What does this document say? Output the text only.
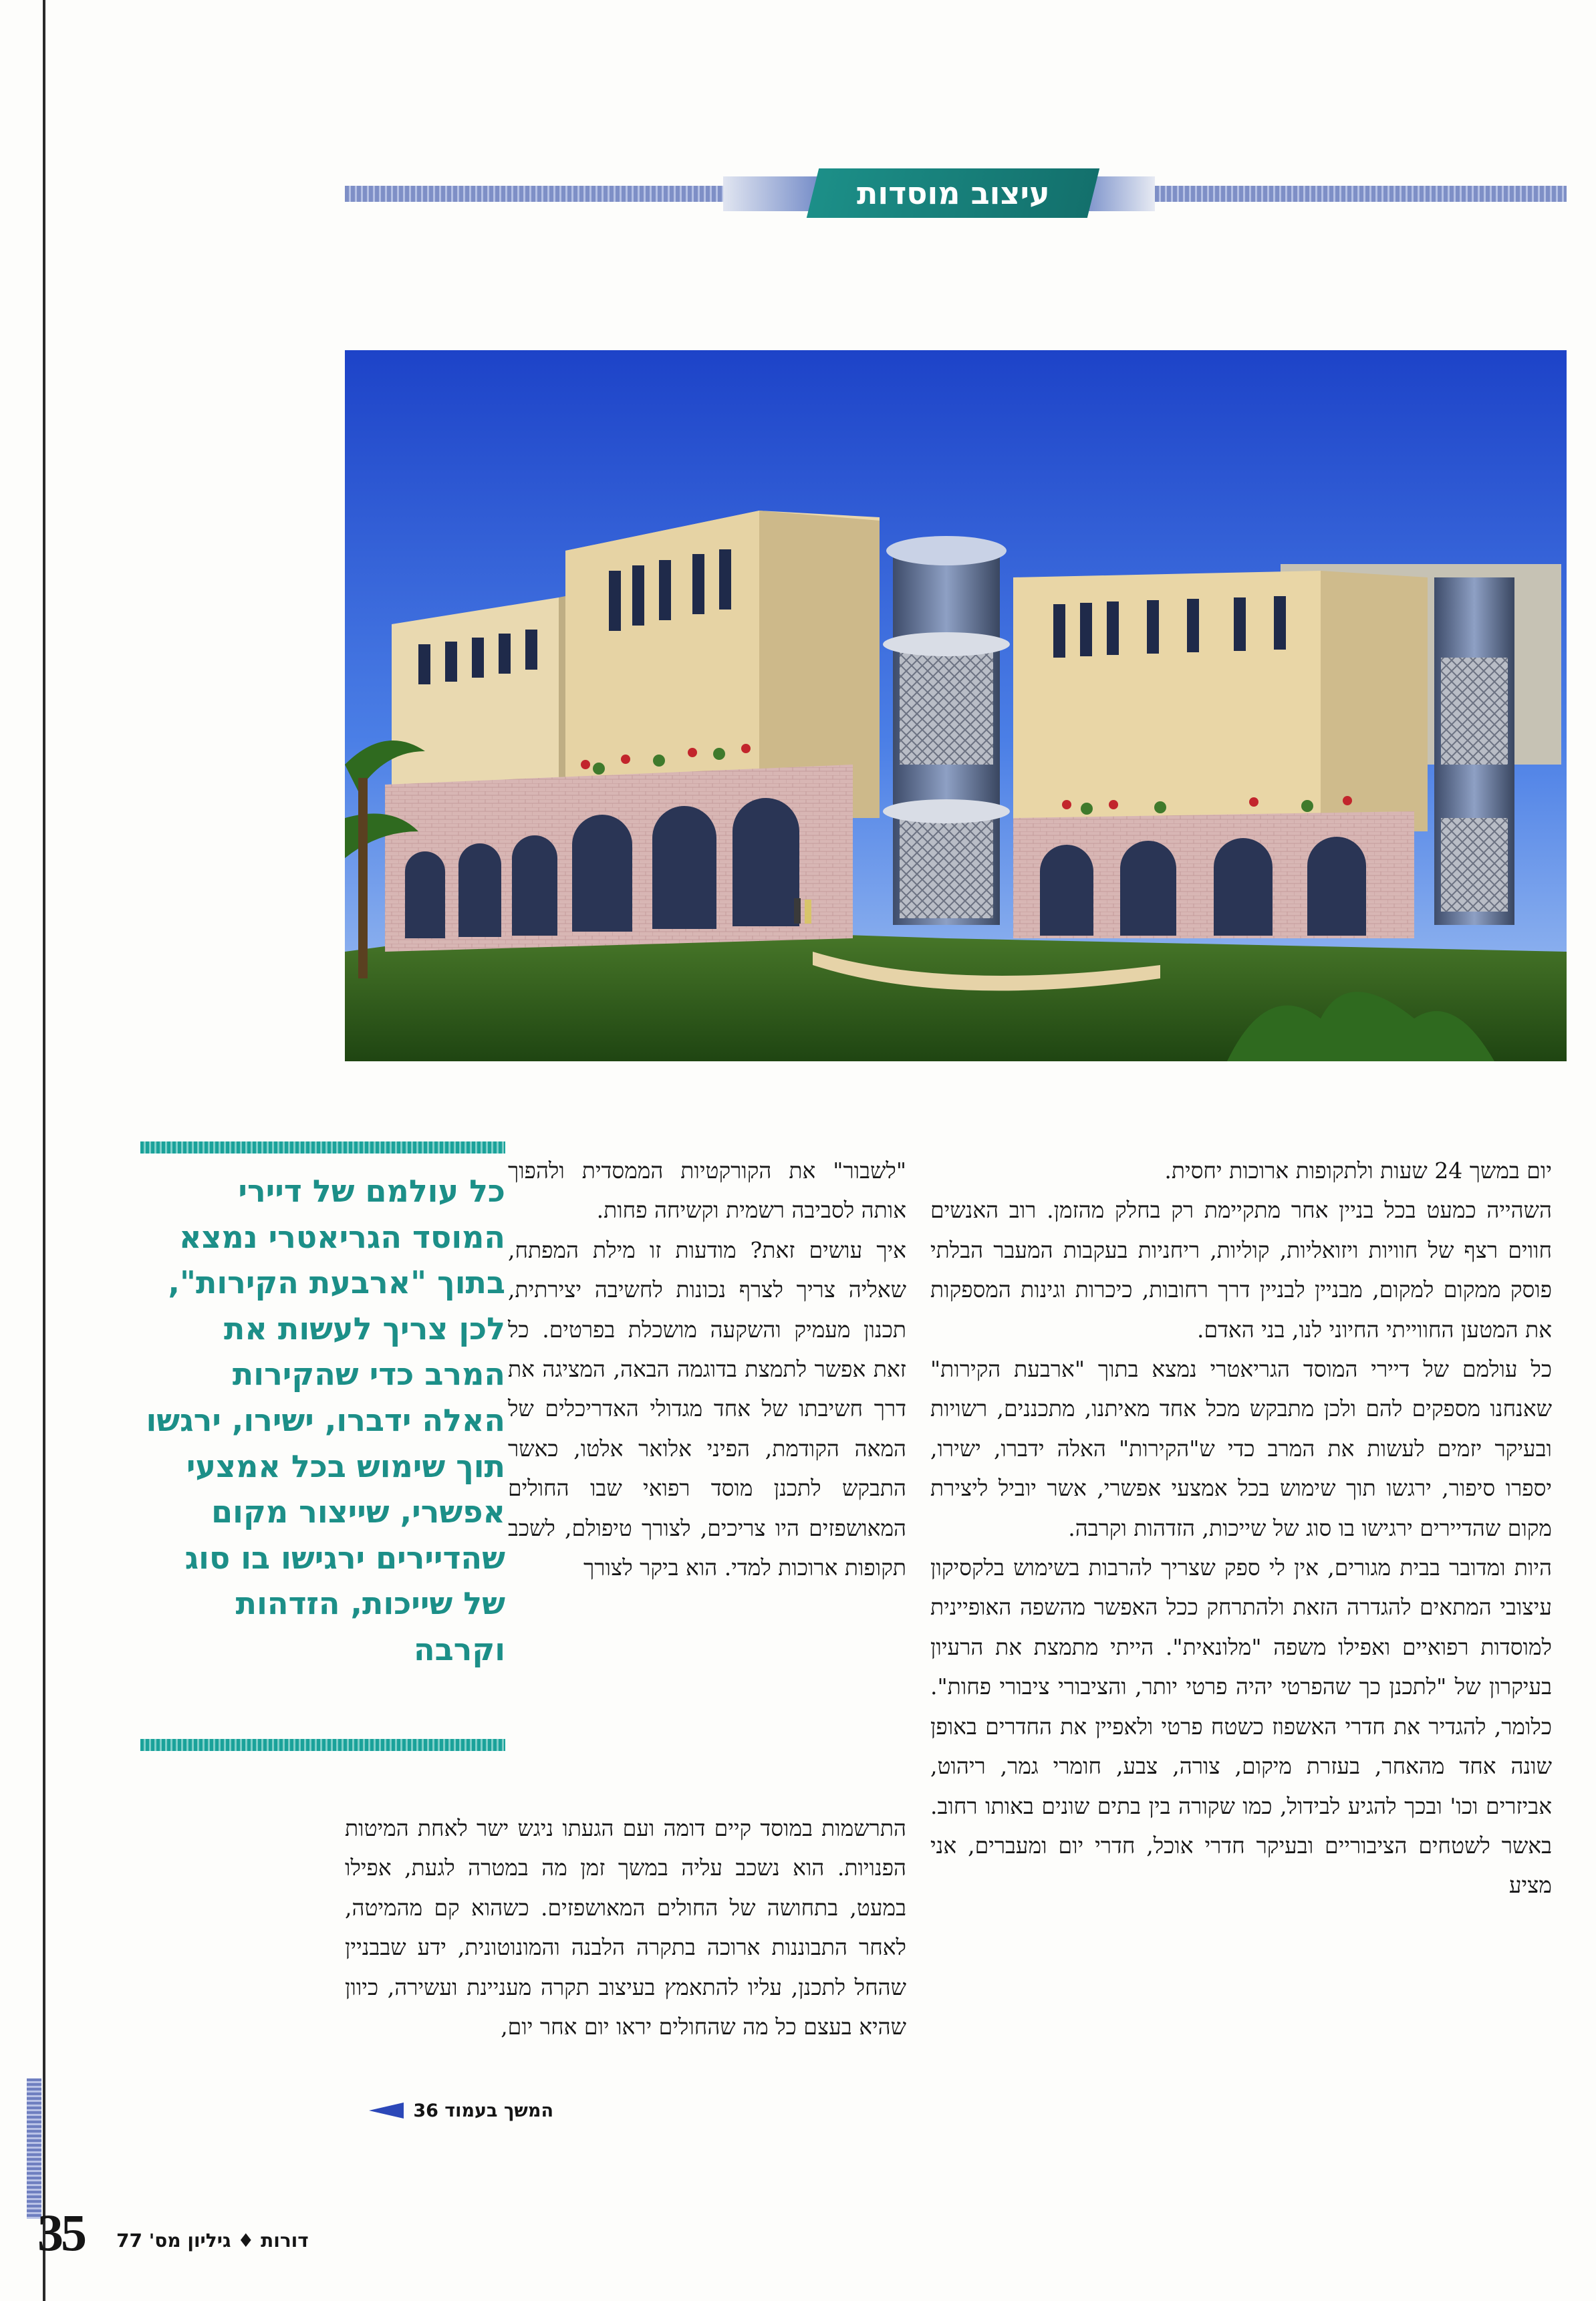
עיצוב מוסדות

יום במשך 24 שעות ולתקופות ארוכות יחסית.

השהייה כמעט בכל בניין אחר מתקיימת רק בחלק מהזמן. רוב האנשים חווים רצף של חוויות ויזואליות, קוליות, ריחניות בעקבות המעבר הבלתי פוסק ממקום למקום, מבניין לבניין דרך רחובות, כיכרות וגינות המספקות את המטען החווייתי החיוני לנו, בני האדם.

כל עולמם של דיירי המוסד הגריאטרי נמצא בתוך "ארבעת הקירות" שאנחנו מספקים להם ולכן מתבקש מכל אחד מאיתנו, מתכננים, רשויות ובעיקר יזמים לעשות את המרב כדי ש"הקירות" האלה ידברו, ישירו, יספרו סיפור, ירגשו תוך שימוש בכל אמצעי אפשרי, אשר יוביל ליצירת מקום שהדיירים ירגישו בו סוג של שייכות, הזדהות וקרבה.

היות ומדובר בבית מגורים, אין לי ספק שצריך להרבות בשימוש בלקסיקון עיצובי המתאים להגדרה הזאת ולהתרחק ככל האפשר מהשפה האופיינית למוסדות רפואיים ואפילו משפה "מלונאית". הייתי מתמצת את הרעיון בעיקרון של "לתכנן כך שהפרטי יהיה פרטי יותר, והציבורי ציבורי פחות". כלומר, להגדיר את חדרי האשפוז כשטח פרטי ולאפיין את החדרים באופן שונה אחד מהאחר, בעזרת מיקום, צורה, צבע, חומרי גמר, ריהוט, אביזרים וכו' ובכך להגיע לבידול, כמו שקורה בין בתים שונים באותו רחוב. באשר לשטחים הציבוריים ובעיקר חדרי אוכל, חדרי יום ומעברים, אני מציע

"לשבור" את הקורקטיות הממסדית ולהפוך אותה לסביבה רשמית וקשיחה פחות.

איך עושים זאת? מודעות זו מילת המפתח, שאליה צריך לצרף נכונות לחשיבה יצירתית, תכנון מעמיק והשקעה מושכלת בפרטים. כל זאת אפשר לתמצת בדוגמה הבאה, המציגה את דרך חשיבתו של אחד מגדולי האדריכלים של המאה הקודמת, הפיני אלואר אלטו, כאשר התבקש לתכנן מוסד רפואי שבו החולים המאושפזים היו צריכים, לצורך טיפולם, לשכב תקופות ארוכות למדי. הוא ביקר לצורך

התרשמות במוסד קיים דומה ועם הגעתו ניגש ישר לאחת המיטות הפנויות. הוא נשכב עליה במשך זמן מה במטרה לגעת, אפילו במעט, בתחושה של החולים המאושפזים. כשהוא קם מהמיטה, לאחר התבוננות ארוכה בתקרה הלבנה והמונוטונית, ידע שבבניין שהחל לתכנן, עליו להתאמץ בעיצוב תקרה מעניינת ועשירה, כיוון שהיא בעצם כל מה שהחולים יראו יום אחר יום,

כל עולמם של דיירי המוסד הגריאטרי נמצא בתוך "ארבעת הקירות", לכן צריך לעשות את המרב כדי שהקירות האלה ידברו, ישירו, ירגשו תוך שימוש בכל אמצעי אפשרי, שייצור מקום שהדיירים ירגישו בו סוג של שייכות, הזדהות וקרבה
המשך בעמוד 36
35 דורות ♦ גיליון מס' 77
